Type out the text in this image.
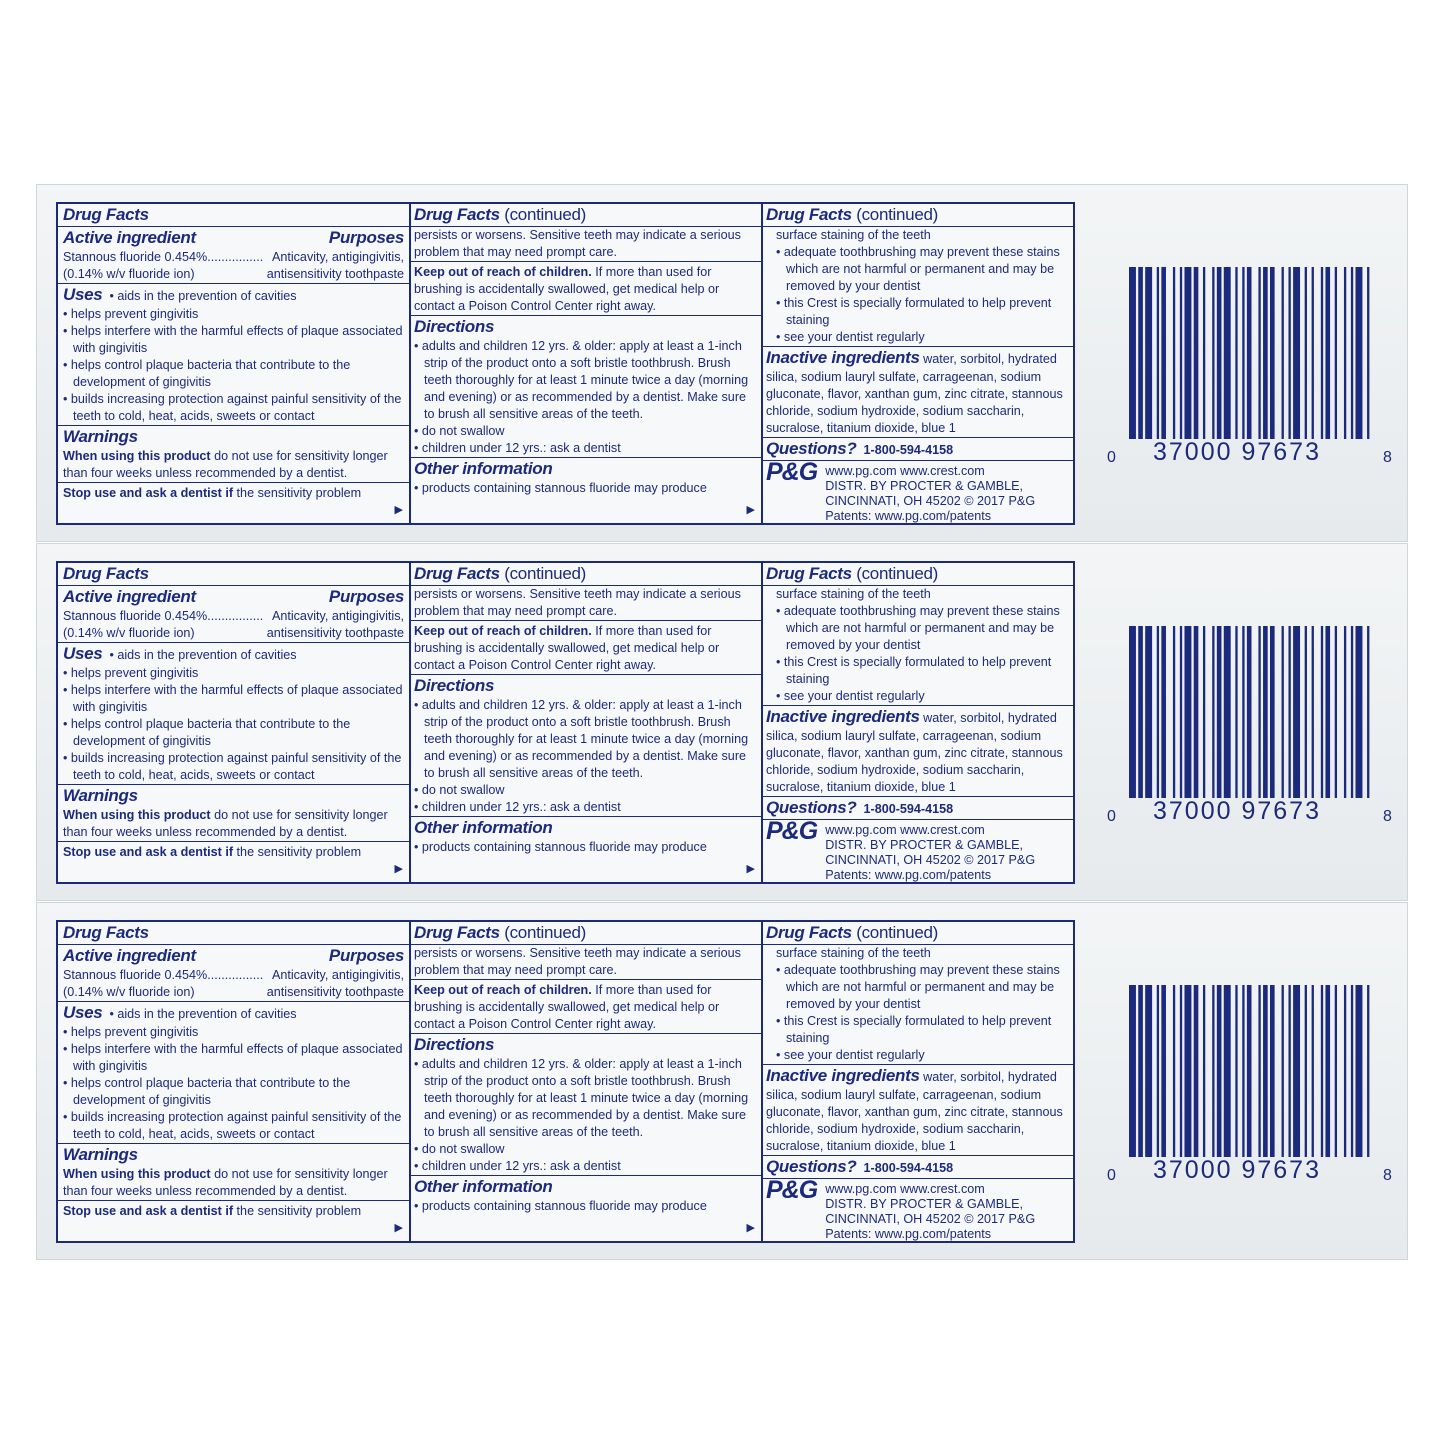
Drug Facts
Active ingredient	Purposes
Stannous fluoride 0.454%................ Anticavity, antigingivitis,
(0.14% w/v fluoride ion)	antisensitivity toothpaste
Uses • aids in the prevention of cavities
• helps prevent gingivitis
• helps interfere with the harmful effects of plaque associated with gingivitis
• helps control plaque bacteria that contribute to the development of gingivitis
• builds increasing protection against painful sensitivity of the teeth to cold, heat, acids, sweets or contact
Warnings
When using this product do not use for sensitivity longer than four weeks unless recommended by a dentist.
Stop use and ask a dentist if the sensitivity problem
▶
Drug Facts (continued)
persists or worsens. Sensitive teeth may indicate a serious problem that may need prompt care.
Keep out of reach of children. If more than used for brushing is accidentally swallowed, get medical help or contact a Poison Control Center right away.
Directions
• adults and children 12 yrs. & older: apply at least a 1-inch strip of the product onto a soft bristle toothbrush. Brush teeth thoroughly for at least 1 minute twice a day (morning and evening) or as recommended by a dentist. Make sure to brush all sensitive areas of the teeth.
• do not swallow
• children under 12 yrs.: ask a dentist
Other information
• products containing stannous fluoride may produce
▶
Drug Facts (continued)
surface staining of the teeth
• adequate toothbrushing may prevent these stains which are not harmful or permanent and may be removed by your dentist
• this Crest is specially formulated to help prevent staining
• see your dentist regularly
Inactive ingredients water, sorbitol, hydrated silica, sodium lauryl sulfate, carrageenan, sodium gluconate, flavor, xanthan gum, zinc citrate, stannous chloride, sodium hydroxide, sodium saccharin, sucralose, titanium dioxide, blue 1
Questions? 1-800-594-4158
P&G www.pg.com www.crest.com
DISTR. BY PROCTER & GAMBLE,
CINCINNATI, OH 45202 © 2017 P&G
Patents: www.pg.com/patents
0 37000 97673	8
Drug Facts
Active ingredient	Purposes
Stannous fluoride 0.454%................ Anticavity, antigingivitis,
(0.14% w/v fluoride ion)	antisensitivity toothpaste
Uses • aids in the prevention of cavities
• helps prevent gingivitis
• helps interfere with the harmful effects of plaque associated with gingivitis
• helps control plaque bacteria that contribute to the development of gingivitis
• builds increasing protection against painful sensitivity of the teeth to cold, heat, acids, sweets or contact
Warnings
When using this product do not use for sensitivity longer than four weeks unless recommended by a dentist.
Stop use and ask a dentist if the sensitivity problem
▶
Drug Facts (continued)
persists or worsens. Sensitive teeth may indicate a serious problem that may need prompt care.
Keep out of reach of children. If more than used for brushing is accidentally swallowed, get medical help or contact a Poison Control Center right away.
Directions
• adults and children 12 yrs. & older: apply at least a 1-inch strip of the product onto a soft bristle toothbrush. Brush teeth thoroughly for at least 1 minute twice a day (morning and evening) or as recommended by a dentist. Make sure to brush all sensitive areas of the teeth.
• do not swallow
• children under 12 yrs.: ask a dentist
Other information
• products containing stannous fluoride may produce
▶
Drug Facts (continued)
surface staining of the teeth
• adequate toothbrushing may prevent these stains which are not harmful or permanent and may be removed by your dentist
• this Crest is specially formulated to help prevent staining
• see your dentist regularly
Inactive ingredients water, sorbitol, hydrated silica, sodium lauryl sulfate, carrageenan, sodium gluconate, flavor, xanthan gum, zinc citrate, stannous chloride, sodium hydroxide, sodium saccharin, sucralose, titanium dioxide, blue 1
Questions? 1-800-594-4158
P&G www.pg.com www.crest.com
DISTR. BY PROCTER & GAMBLE,
CINCINNATI, OH 45202 © 2017 P&G
Patents: www.pg.com/patents
0 37000 97673	8
Drug Facts
Active ingredient	Purposes
Stannous fluoride 0.454%................ Anticavity, antigingivitis,
(0.14% w/v fluoride ion)	antisensitivity toothpaste
Uses • aids in the prevention of cavities
• helps prevent gingivitis
• helps interfere with the harmful effects of plaque associated with gingivitis
• helps control plaque bacteria that contribute to the development of gingivitis
• builds increasing protection against painful sensitivity of the teeth to cold, heat, acids, sweets or contact
Warnings
When using this product do not use for sensitivity longer than four weeks unless recommended by a dentist.
Stop use and ask a dentist if the sensitivity problem
▶
Drug Facts (continued)
persists or worsens. Sensitive teeth may indicate a serious problem that may need prompt care.
Keep out of reach of children. If more than used for brushing is accidentally swallowed, get medical help or contact a Poison Control Center right away.
Directions
• adults and children 12 yrs. & older: apply at least a 1-inch strip of the product onto a soft bristle toothbrush. Brush teeth thoroughly for at least 1 minute twice a day (morning and evening) or as recommended by a dentist. Make sure to brush all sensitive areas of the teeth.
• do not swallow
• children under 12 yrs.: ask a dentist
Other information
• products containing stannous fluoride may produce
▶
Drug Facts (continued)
surface staining of the teeth
• adequate toothbrushing may prevent these stains which are not harmful or permanent and may be removed by your dentist
• this Crest is specially formulated to help prevent staining
• see your dentist regularly
Inactive ingredients water, sorbitol, hydrated silica, sodium lauryl sulfate, carrageenan, sodium gluconate, flavor, xanthan gum, zinc citrate, stannous chloride, sodium hydroxide, sodium saccharin, sucralose, titanium dioxide, blue 1
Questions? 1-800-594-4158
P&G www.pg.com www.crest.com
DISTR. BY PROCTER & GAMBLE,
CINCINNATI, OH 45202 © 2017 P&G
Patents: www.pg.com/patents
0 37000 97673	8
